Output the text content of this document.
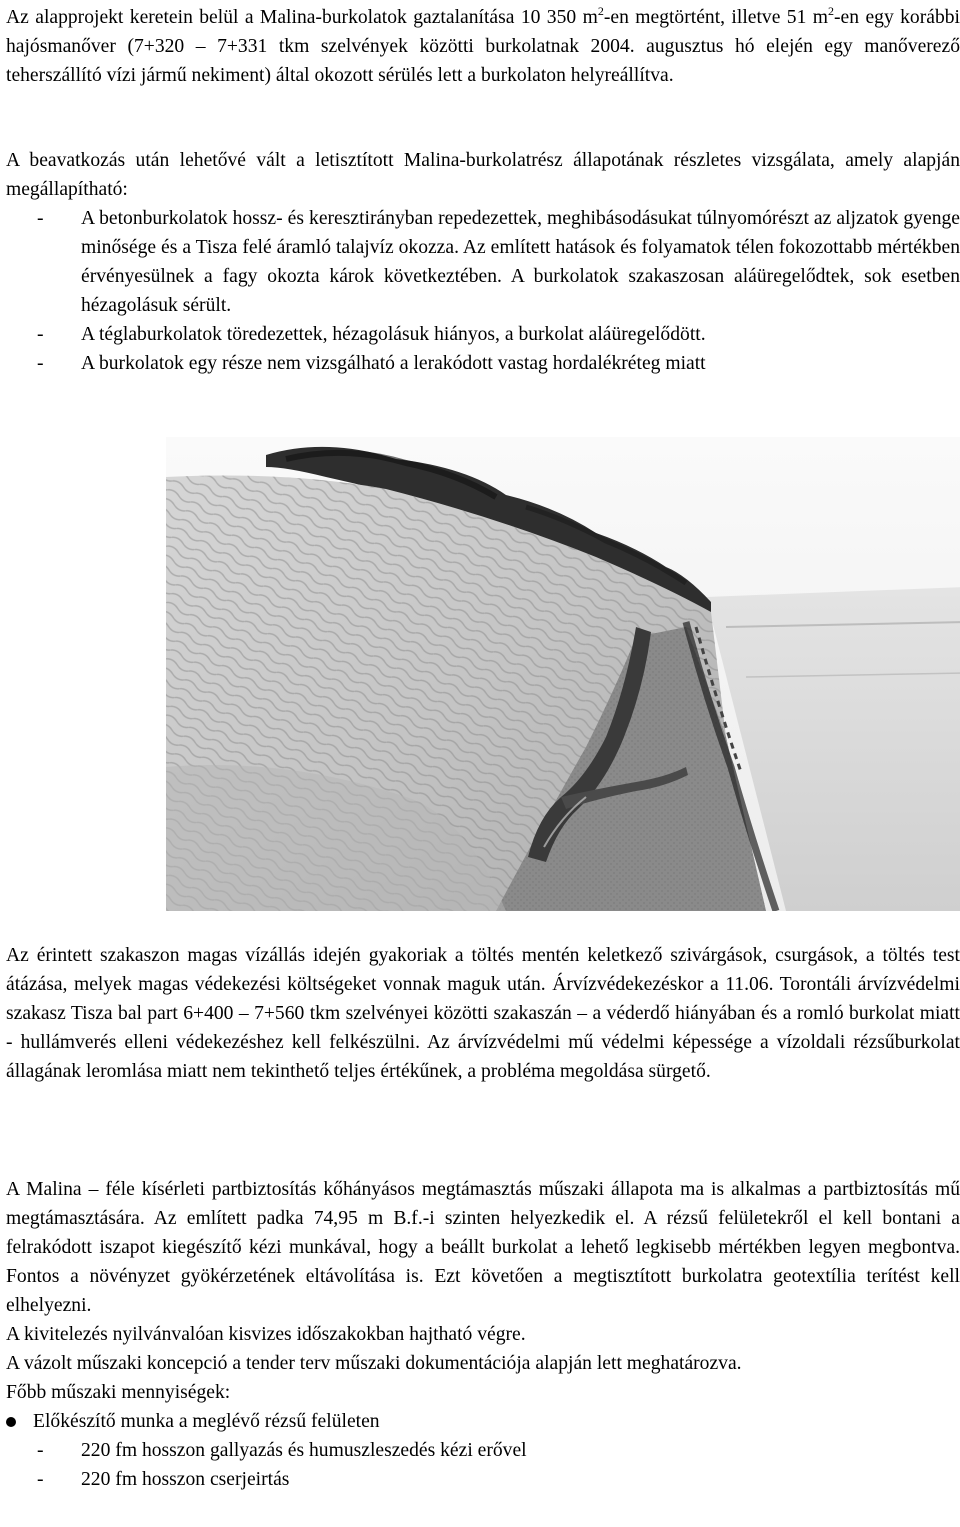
Az alapprojekt keretein belül a Malina-burkolatok gaztalanítása 10 350 $m^2-en$ megtörtént, illetve 51 $m^2-en$ egy korábbi hajósmanőver (7+320 – 7+331 tkm szelvények közötti burkolatnak 2004. augusztus hó elején egy manőverező teherszállító vízi jármű nekiment) által okozott sérülés lett a burkolaton helyreállítva.

A beavatkozás után lehetővé vált a letisztított Malina-burkolatrész állapotának részletes vizsgálata, amely alapján megállapítható:

- A betonburkolatok hossz- és keresztirányban repedezettek, meghibásodásukat túlnyomórészt az aljzatok gyenge minősége és a Tisza felé áramló talajvíz okozza. Az említett hatások és folyamatok télen fokozottabb mértékben érvényesülnek a fagy okozta károk következtében. A burkolatok szakaszosan aláüregelődtek, sok esetben hézagolásuk sérült.
- A téglaburkolatok töredezettek, hézagolásuk hiányos, a burkolat aláüregelődött.
- A burkolatok egy része nem vizsgálható a lerakódott vastag hordalékréteg miatt

Az érintett szakaszon magas vízállás idején gyakoriak a töltés mentén keletkező szivárgások, csurgások, a töltés test átázása, melyek magas védekezési költségeket vonnak maguk után. Árvízvédekezéskor a 11.06. Torontáli árvízvédelmi szakasz Tisza bal part 6+400 – 7+560 tkm szelvényei közötti szakaszán – a véderdő hiányában és a romló burkolat miatt - hullámverés elleni védekezéshez kell felkészülni. Az árvízvédelmi mű védelmi képessége a vízoldali rézsűburkolat állagának leromlása miatt nem tekinthető teljes értékűnek, a probléma megoldása sürgető.

A Malina – féle kísérleti partbiztosítás kőhányásos megtámasztás műszaki állapota ma is alkalmas a partbiztosítás mű megtámasztására. Az említett padka 74,95 m B.f.-i szinten helyezkedik el. A rézsű felületekről el kell bontani a felrakódott iszapot kiegészítő kézi munkával, hogy a beállt burkolat a lehető legkisebb mértékben legyen megbontva. Fontos a növényzet gyökérzetének eltávolítása is. Ezt követően a megtisztított burkolatra geotextília terítést kell elhelyezni.

A kivitelezés nyilvánvalóan kisvizes időszakokban hajtható végre.

A vázolt műszaki koncepció a tender terv műszaki dokumentációja alapján lett meghatározva.

Főbb műszaki mennyiségek:

Előkészítő munka a meglévő rézsű felületen
- 220 fm hosszon gallyazás és humuszleszedés kézi erővel
- 220 fm hosszon cserjeirtás
